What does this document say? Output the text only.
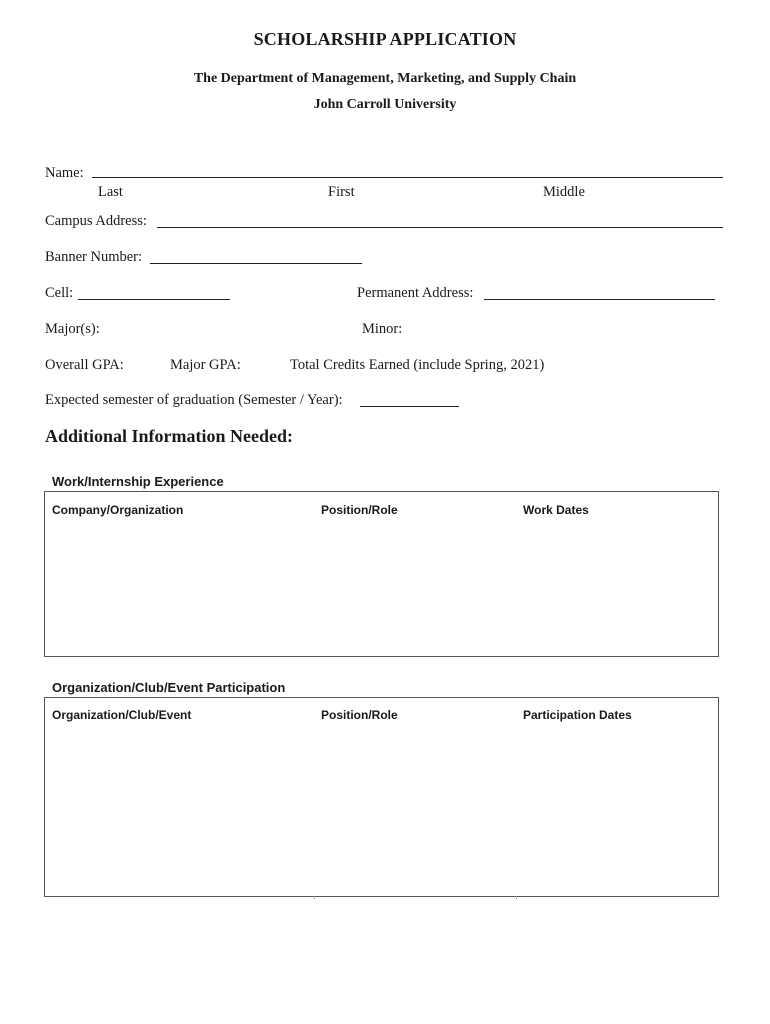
SCHOLARSHIP APPLICATION
The Department of Management, Marketing, and Supply Chain
John Carroll University
Name:
Last	First	Middle
Campus Address:
Banner Number:
Cell:	Permanent Address:
Major(s):	Minor:
Overall GPA:	Major GPA:	Total Credits Earned (include Spring, 2021)
Expected semester of graduation (Semester / Year):
Additional Information Needed:
Work/Internship Experience
Company/Organization	Position/Role	Work Dates
Organization/Club/Event Participation
Organization/Club/Event	Position/Role	Participation Dates
